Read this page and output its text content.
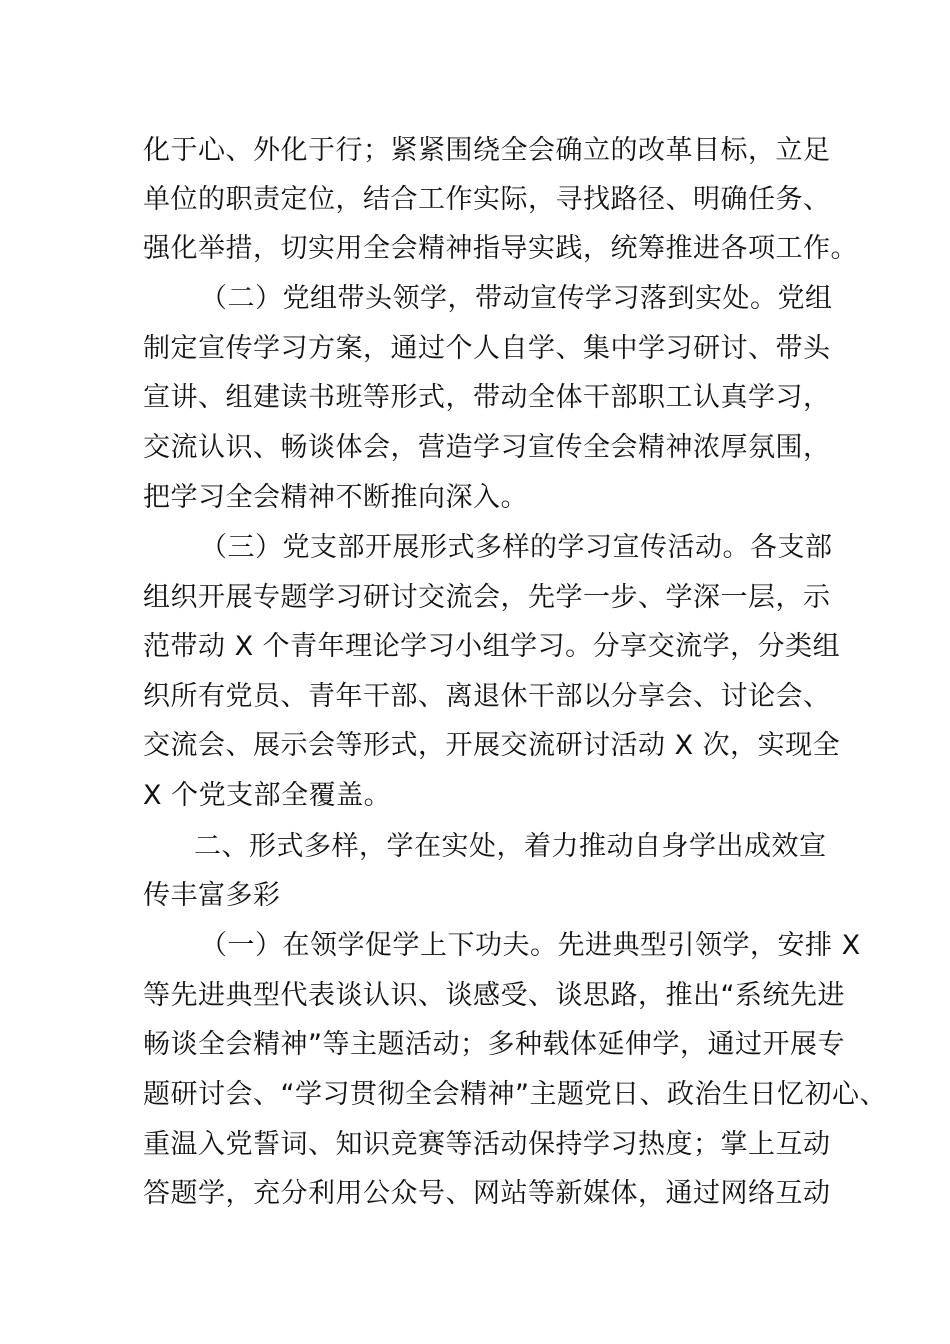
化于心、外化于行；紧紧围绕全会确立的改革目标，立足
单位的职责定位，结合工作实际，寻找路径、明确任务、
强化举措，切实用全会精神指导实践，统筹推进各项工作。
（二）党组带头领学，带动宣传学习落到实处。党组
制定宣传学习方案，通过个人自学、集中学习研讨、带头
宣讲、组建读书班等形式，带动全体干部职工认真学习，
交流认识、畅谈体会，营造学习宣传全会精神浓厚氛围，
把学习全会精神不断推向深入。
（三）党支部开展形式多样的学习宣传活动。各支部
组织开展专题学习研讨交流会，先学一步、学深一层，示
范带动 X 个青年理论学习小组学习。分享交流学，分类组
织所有党员、青年干部、离退休干部以分享会、讨论会、
交流会、展示会等形式，开展交流研讨活动 X 次，实现全
X 个党支部全覆盖。
二、形式多样，学在实处，着力推动自身学出成效宣
传丰富多彩
（一）在领学促学上下功夫。先进典型引领学，安排 X
等先进典型代表谈认识、谈感受、谈思路，推出“系统先进
畅谈全会精神”等主题活动；多种载体延伸学，通过开展专
题研讨会、“学习贯彻全会精神”主题党日、政治生日忆初心、
重温入党誓词、知识竞赛等活动保持学习热度；掌上互动
答题学，充分利用公众号、网站等新媒体，通过网络互动
